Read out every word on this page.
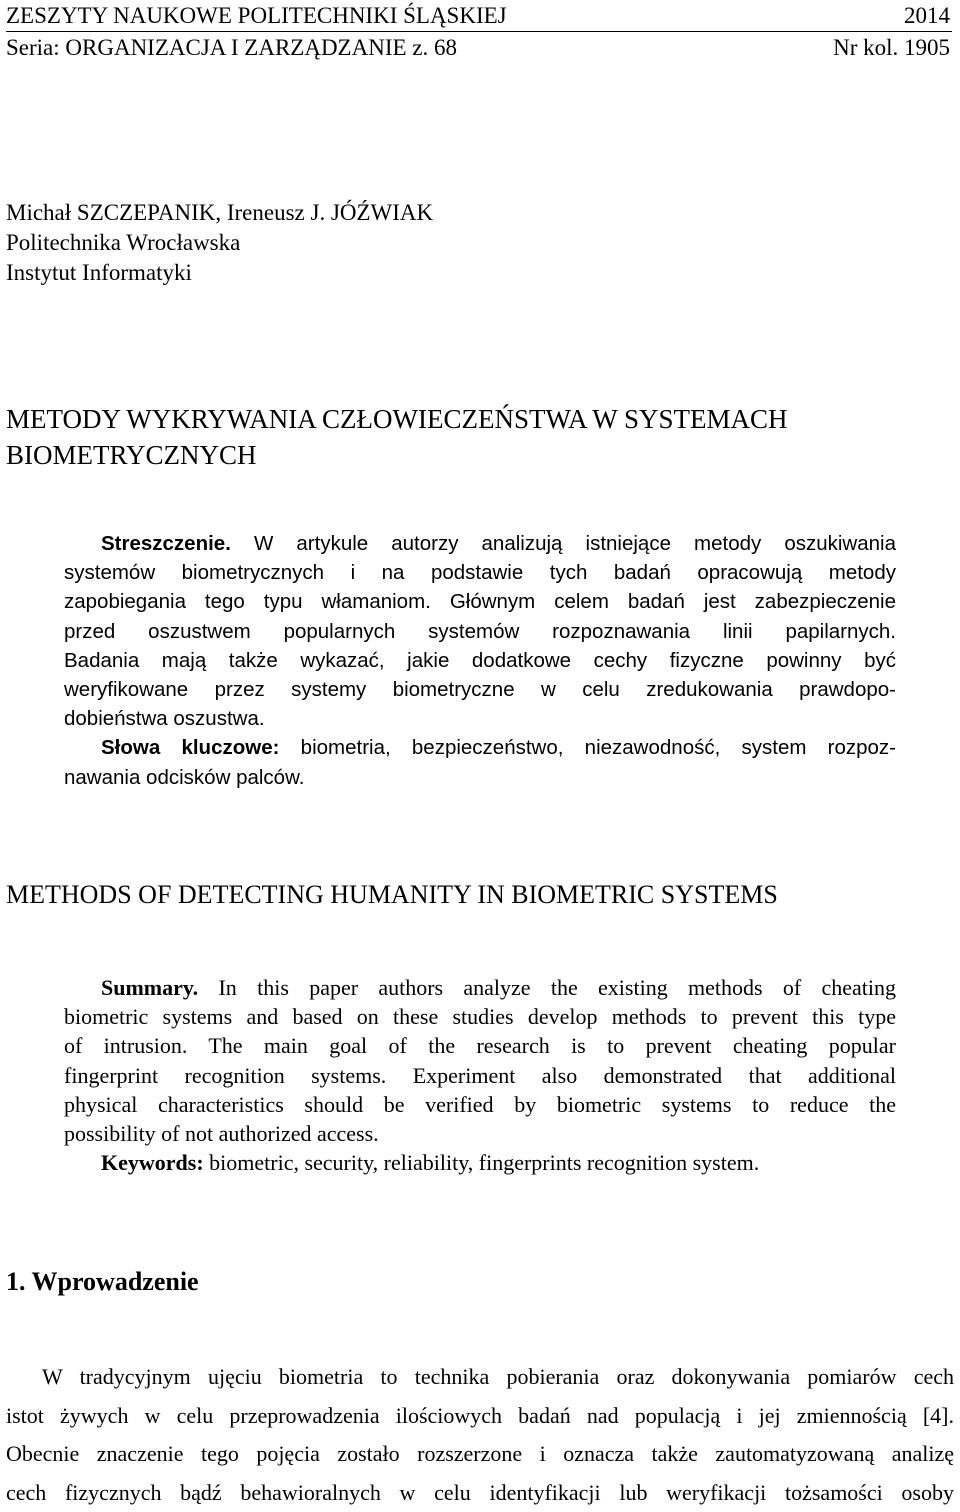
ZESZYTY NAUKOWE POLITECHNIKI ŚLĄSKIEJ	2014
Seria: ORGANIZACJA I ZARZĄDZANIE z. 68	Nr kol. 1905
Michał SZCZEPANIK, Ireneusz J. JÓŹWIAK
Politechnika Wrocławska
Instytut Informatyki
METODY WYKRYWANIA CZŁOWIECZEŃSTWA W SYSTEMACH
BIOMETRYCZNYCH
Streszczenie. W artykule autorzy analizują istniejące metody oszukiwania
systemów biometrycznych i na podstawie tych badań opracowują metody
zapobiegania tego typu włamaniom. Głównym celem badań jest zabezpieczenie
przed oszustwem popularnych systemów rozpoznawania linii papilarnych.
Badania mają także wykazać, jakie dodatkowe cechy fizyczne powinny być
weryfikowane przez systemy biometryczne w celu zredukowania prawdopo-
dobieństwa oszustwa.
Słowa kluczowe: biometria, bezpieczeństwo, niezawodność, system rozpoz-
nawania odcisków palców.
METHODS OF DETECTING HUMANITY IN BIOMETRIC SYSTEMS
Summary. In this paper authors analyze the existing methods of cheating
biometric systems and based on these studies develop methods to prevent this type
of intrusion. The main goal of the research is to prevent cheating popular
fingerprint recognition systems. Experiment also demonstrated that additional
physical characteristics should be verified by biometric systems to reduce the
possibility of not authorized access.
Keywords: biometric, security, reliability, fingerprints recognition system.
1. Wprowadzenie
W tradycyjnym ujęciu biometria to technika pobierania oraz dokonywania pomiarów cech
istot żywych w celu przeprowadzenia ilościowych badań nad populacją i jej zmiennością [4].
Obecnie znaczenie tego pojęcia zostało rozszerzone i oznacza także zautomatyzowaną analizę
cech fizycznych bądź behawioralnych w celu identyfikacji lub weryfikacji tożsamości osoby
